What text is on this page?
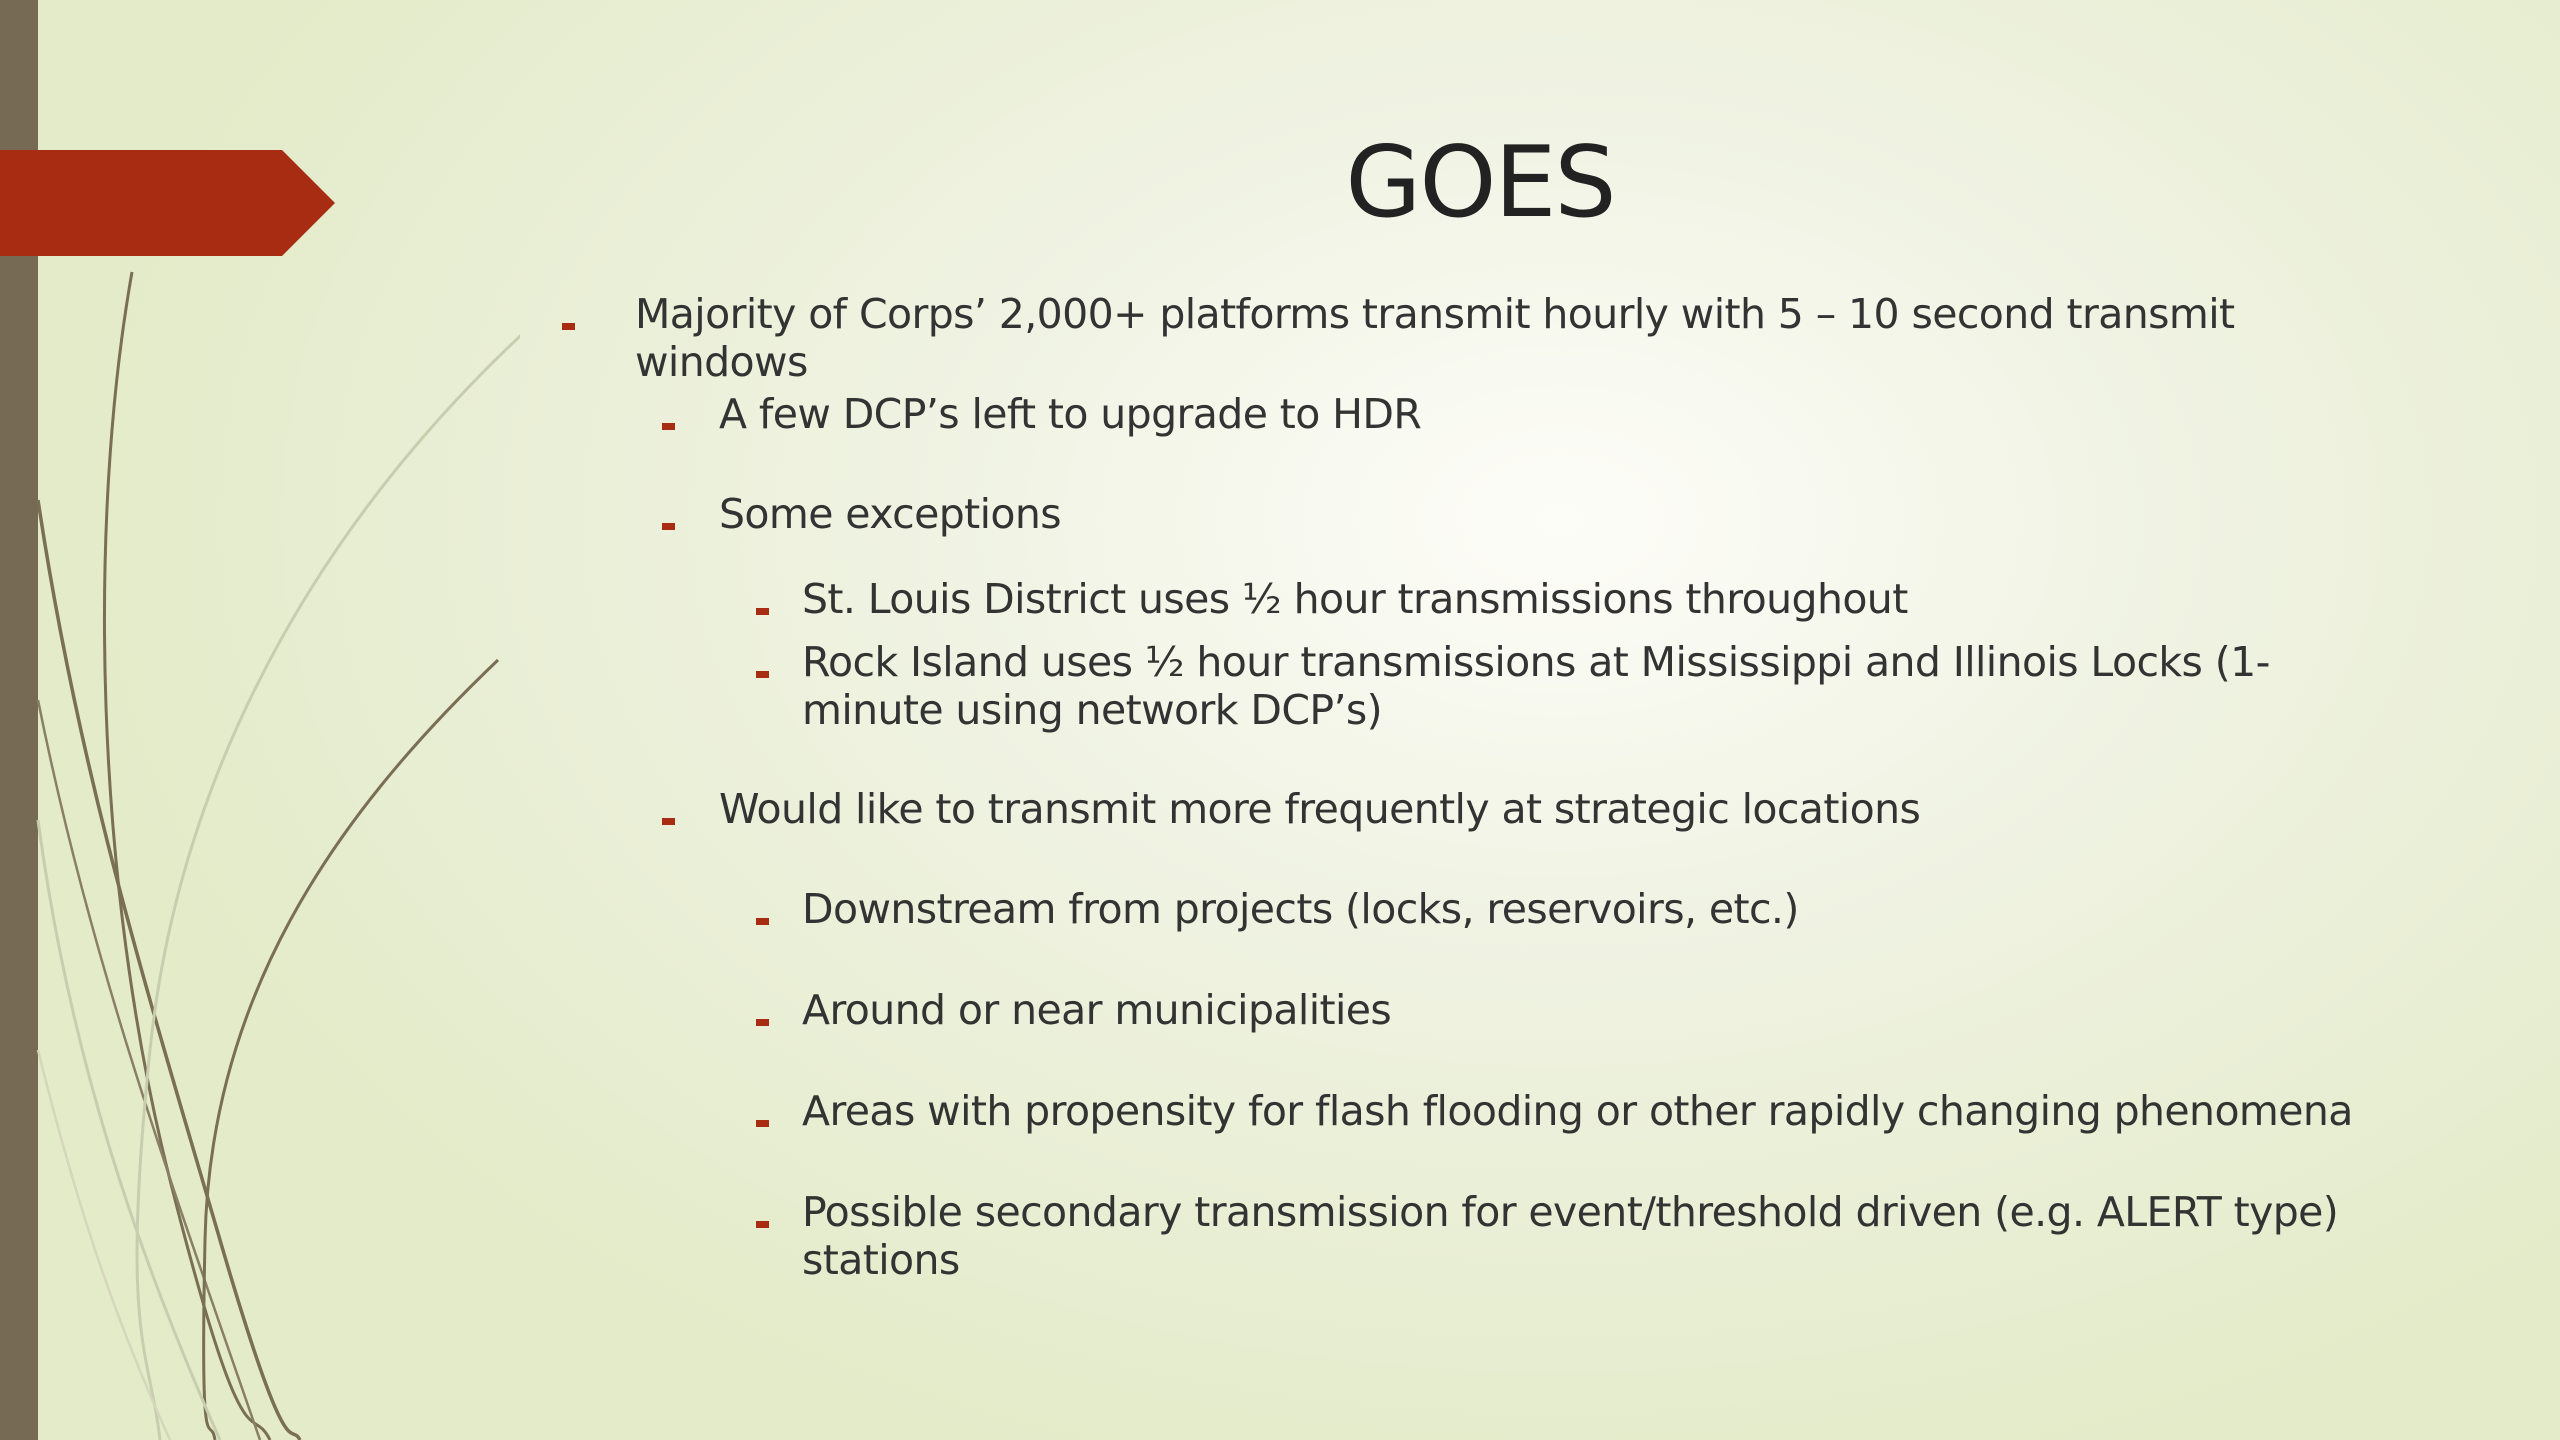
GOES
Majority of Corps’ 2,000+ platforms transmit hourly with 5 – 10 second transmit windows
A few DCP’s left to upgrade to HDR
Some exceptions
St. Louis District uses ½ hour transmissions throughout
Rock Island uses ½ hour transmissions at Mississippi and Illinois Locks (1-minute using network DCP’s)
Would like to transmit more frequently at strategic locations
Downstream from projects (locks, reservoirs, etc.)
Around or near municipalities
Areas with propensity for flash flooding or other rapidly changing phenomena
Possible secondary transmission for event/threshold driven (e.g. ALERT type) stations
